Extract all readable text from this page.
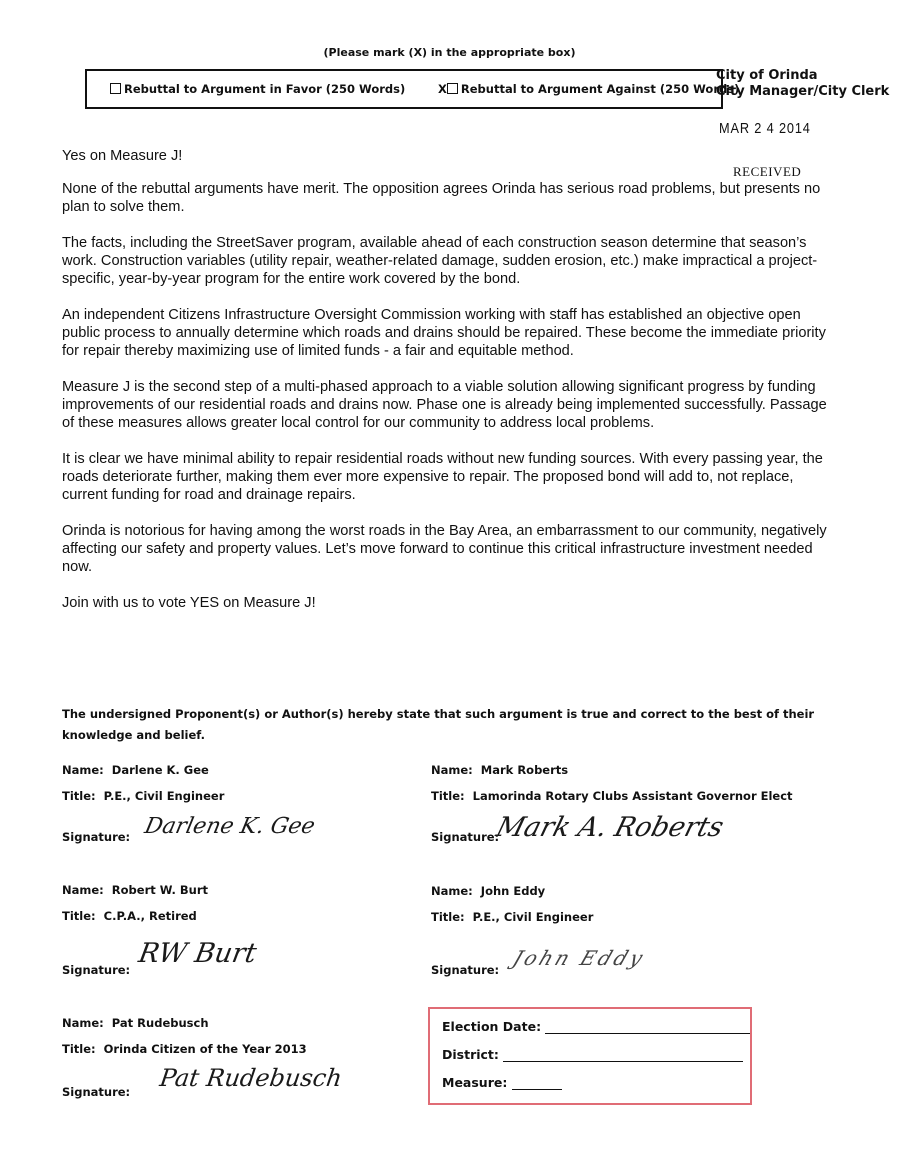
(Please mark (X) in the appropriate box)
Rebuttal to Argument in Favor (250 Words)	X Rebuttal to Argument Against (250 Words)
City of Orinda
City Manager/City Clerk
MAR 2 4 2014
RECEIVED

Yes on Measure J!

None of the rebuttal arguments have merit. The opposition agrees Orinda has serious road problems, but presents no plan to solve them.

The facts, including the StreetSaver program, available ahead of each construction season determine that season’s work. Construction variables (utility repair, weather-related damage, sudden erosion, etc.) make impractical a project-specific, year-by-year program for the entire work covered by the bond.

An independent Citizens Infrastructure Oversight Commission working with staff has established an objective open public process to annually determine which roads and drains should be repaired. These become the immediate priority for repair thereby maximizing use of limited funds - a fair and equitable method.

Measure J is the second step of a multi-phased approach to a viable solution allowing significant progress by funding improvements of our residential roads and drains now. Phase one is already being implemented successfully. Passage of these measures allows greater local control for our community to address local problems.

It is clear we have minimal ability to repair residential roads without new funding sources. With every passing year, the roads deteriorate further, making them ever more expensive to repair. The proposed bond will add to, not replace, current funding for road and drainage repairs.

Orinda is notorious for having among the worst roads in the Bay Area, an embarrassment to our community, negatively affecting our safety and property values. Let’s move forward to continue this critical infrastructure investment needed now.

Join with us to vote YES on Measure J!

The undersigned Proponent(s) or Author(s) hereby state that such argument is true and correct to the best of their knowledge and belief.
Name: Darlene K. Gee
Title: P.E., Civil Engineer
Signature: Darlene K. Gee
Name: Mark Roberts
Title: Lamorinda Rotary Clubs Assistant Governor Elect
Signature:
Mark A. Roberts
Name: Robert W. Burt
Title: C.P.A., Retired
Signature:
RW Burt
Name: John Eddy
Title: P.E., Civil Engineer
Signature: John Eddy
Name: Pat Rudebusch
Title: Orinda Citizen of the Year 2013
Signature: Pat Rudebusch
Election Date:
District:
Measure:
